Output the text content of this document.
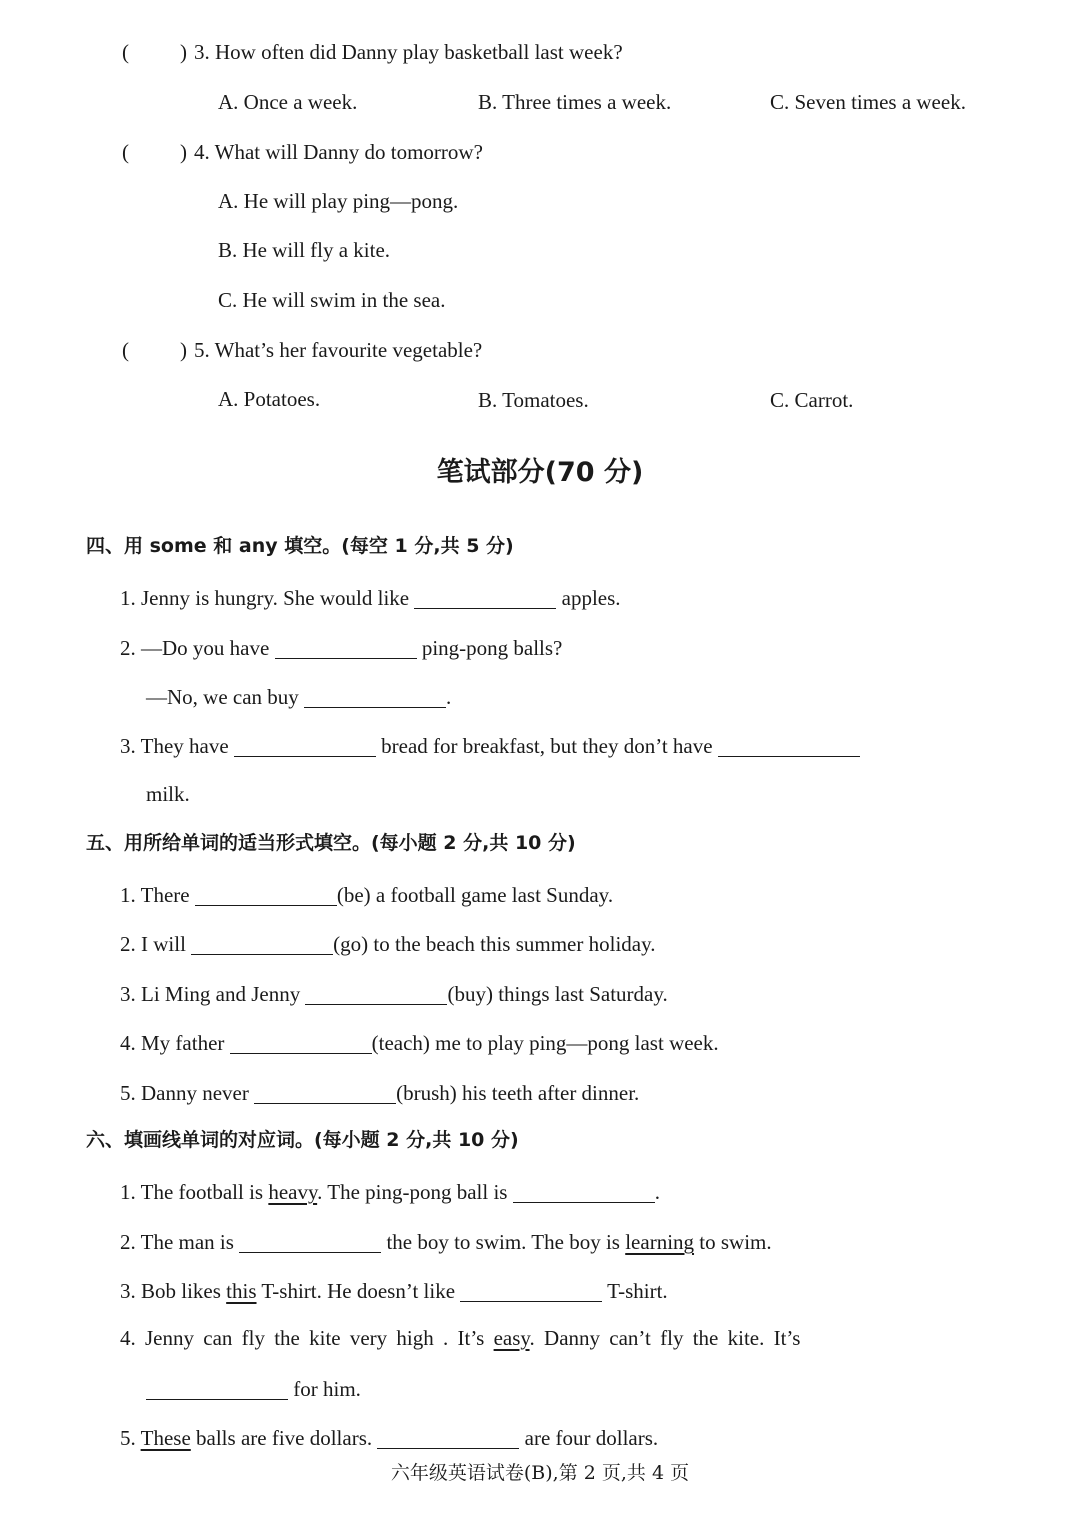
( ) 3. How often did Danny play basketball last week?
A. Once a week.	B. Three times a week.	C. Seven times a week.
( ) 4. What will Danny do tomorrow?
A. He will play ping—pong.
B. He will fly a kite.
C. He will swim in the sea.
( ) 5. What’s her favourite vegetable?
A. Potatoes.	B. Tomatoes.	C. Carrot.
笔试部分(70 分)
四、用 some 和 any 填空。(每空 1 分,共 5 分)
1. Jenny is hungry. She would like	apples.
2. —Do you have	ping-pong balls?
—No, we can buy	.
3. They have	bread for breakfast, but they don’t have
milk.
五、用所给单词的适当形式填空。(每小题 2 分,共 10 分)
1. There	(be) a football game last Sunday.
2. I will	(go) to the beach this summer holiday.
3. Li Ming and Jenny	(buy) things last Saturday.
4. My father	(teach) me to play ping—pong last week.
5. Danny never	(brush) his teeth after dinner.
六、填画线单词的对应词。(每小题 2 分,共 10 分)
1. The football is heavy. The ping-pong ball is	.
2. The man is	the boy to swim. The boy is learning to swim.
3. Bob likes this T-shirt. He doesn’t like	T-shirt.
4. Jenny can fly the kite very high . It’s easy. Danny can’t fly the kite. It’s
for him.
5. These balls are five dollars.	are four dollars.
六年级英语试卷(B),第 2 页,共 4 页
